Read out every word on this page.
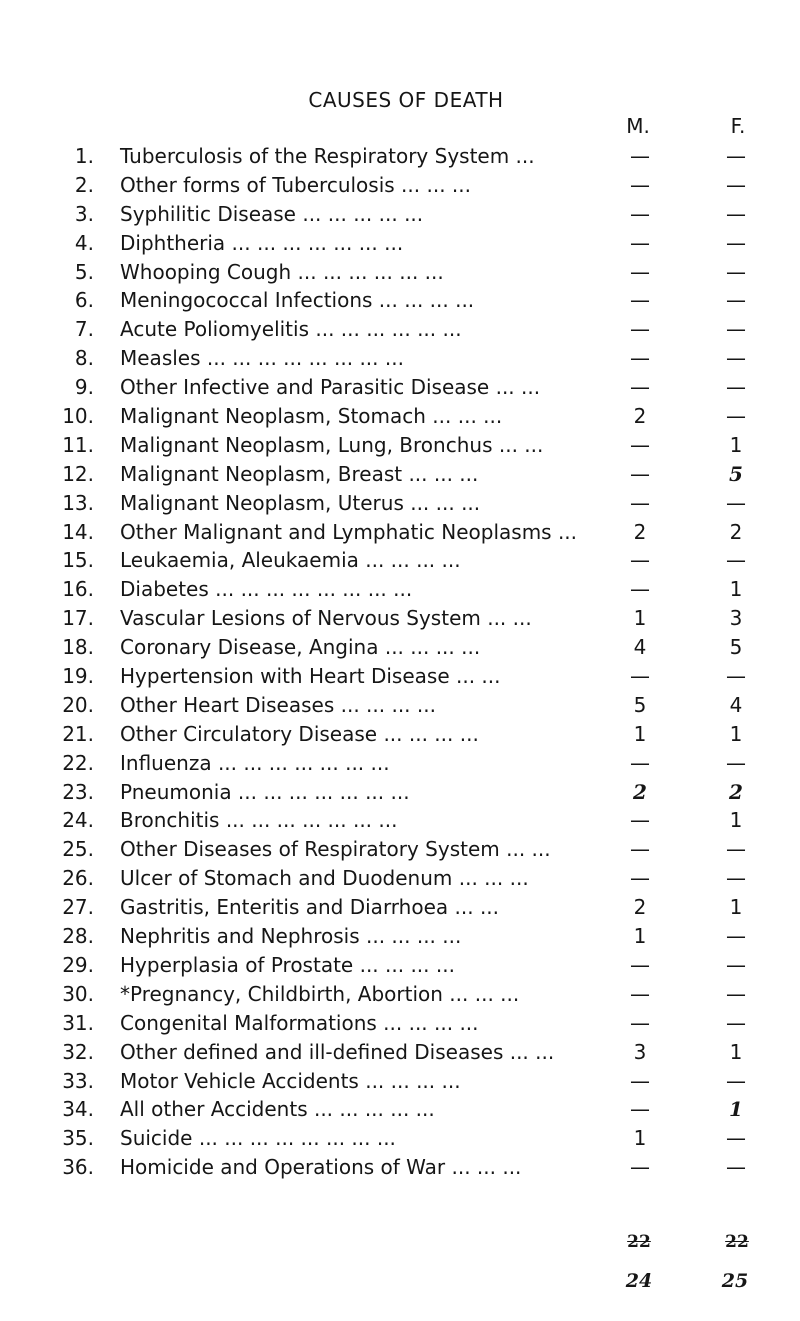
CAUSES OF DEATH
M.	F.
1. Tuberculosis of the Respiratory System ...	—	—
2. Other forms of Tuberculosis ... ... ...	—	—
3. Syphilitic Disease ... ... ... ... ...	—	—
4. Diphtheria ... ... ... ... ... ... ...	—	—
5. Whooping Cough ... ... ... ... ... ...	—	—
6. Meningococcal Infections ... ... ... ...	—	—
7. Acute Poliomyelitis ... ... ... ... ... ...	—	—
8. Measles ... ... ... ... ... ... ... ...	—	—
9. Other Infective and Parasitic Disease ... ...	—	—
10. Malignant Neoplasm, Stomach ... ... ...	2	—
11. Malignant Neoplasm, Lung, Bronchus ... ...	—	1
12. Malignant Neoplasm, Breast ... ... ...	—	5
13. Malignant Neoplasm, Uterus ... ... ...	—	—
14. Other Malignant and Lymphatic Neoplasms ...	2	2
15. Leukaemia, Aleukaemia ... ... ... ...	—	—
16. Diabetes ... ... ... ... ... ... ... ...	—	1
17. Vascular Lesions of Nervous System ... ...	1	3
18. Coronary Disease, Angina ... ... ... ...	4	5
19. Hypertension with Heart Disease ... ...	—	—
20. Other Heart Diseases ... ... ... ...	5	4
21. Other Circulatory Disease ... ... ... ...	1	1
22. Influenza ... ... ... ... ... ... ...	—	—
23. Pneumonia ... ... ... ... ... ... ...	2	2
24. Bronchitis ... ... ... ... ... ... ...	—	1
25. Other Diseases of Respiratory System ... ...	—	—
26. Ulcer of Stomach and Duodenum ... ... ...	—	—
27. Gastritis, Enteritis and Diarrhoea ... ...	2	1
28. Nephritis and Nephrosis ... ... ... ...	1	—
29. Hyperplasia of Prostate ... ... ... ...	—	—
30. *Pregnancy, Childbirth, Abortion ... ... ...	—	—
31. Congenital Malformations ... ... ... ...	—	—
32. Other defined and ill-defined Diseases ... ...	3	1
33. Motor Vehicle Accidents ... ... ... ...	—	—
34. All other Accidents ... ... ... ... ...	—	1
35. Suicide ... ... ... ... ... ... ... ...	1	—
36. Homicide and Operations of War ... ... ...	—	—
22	22
24	25
